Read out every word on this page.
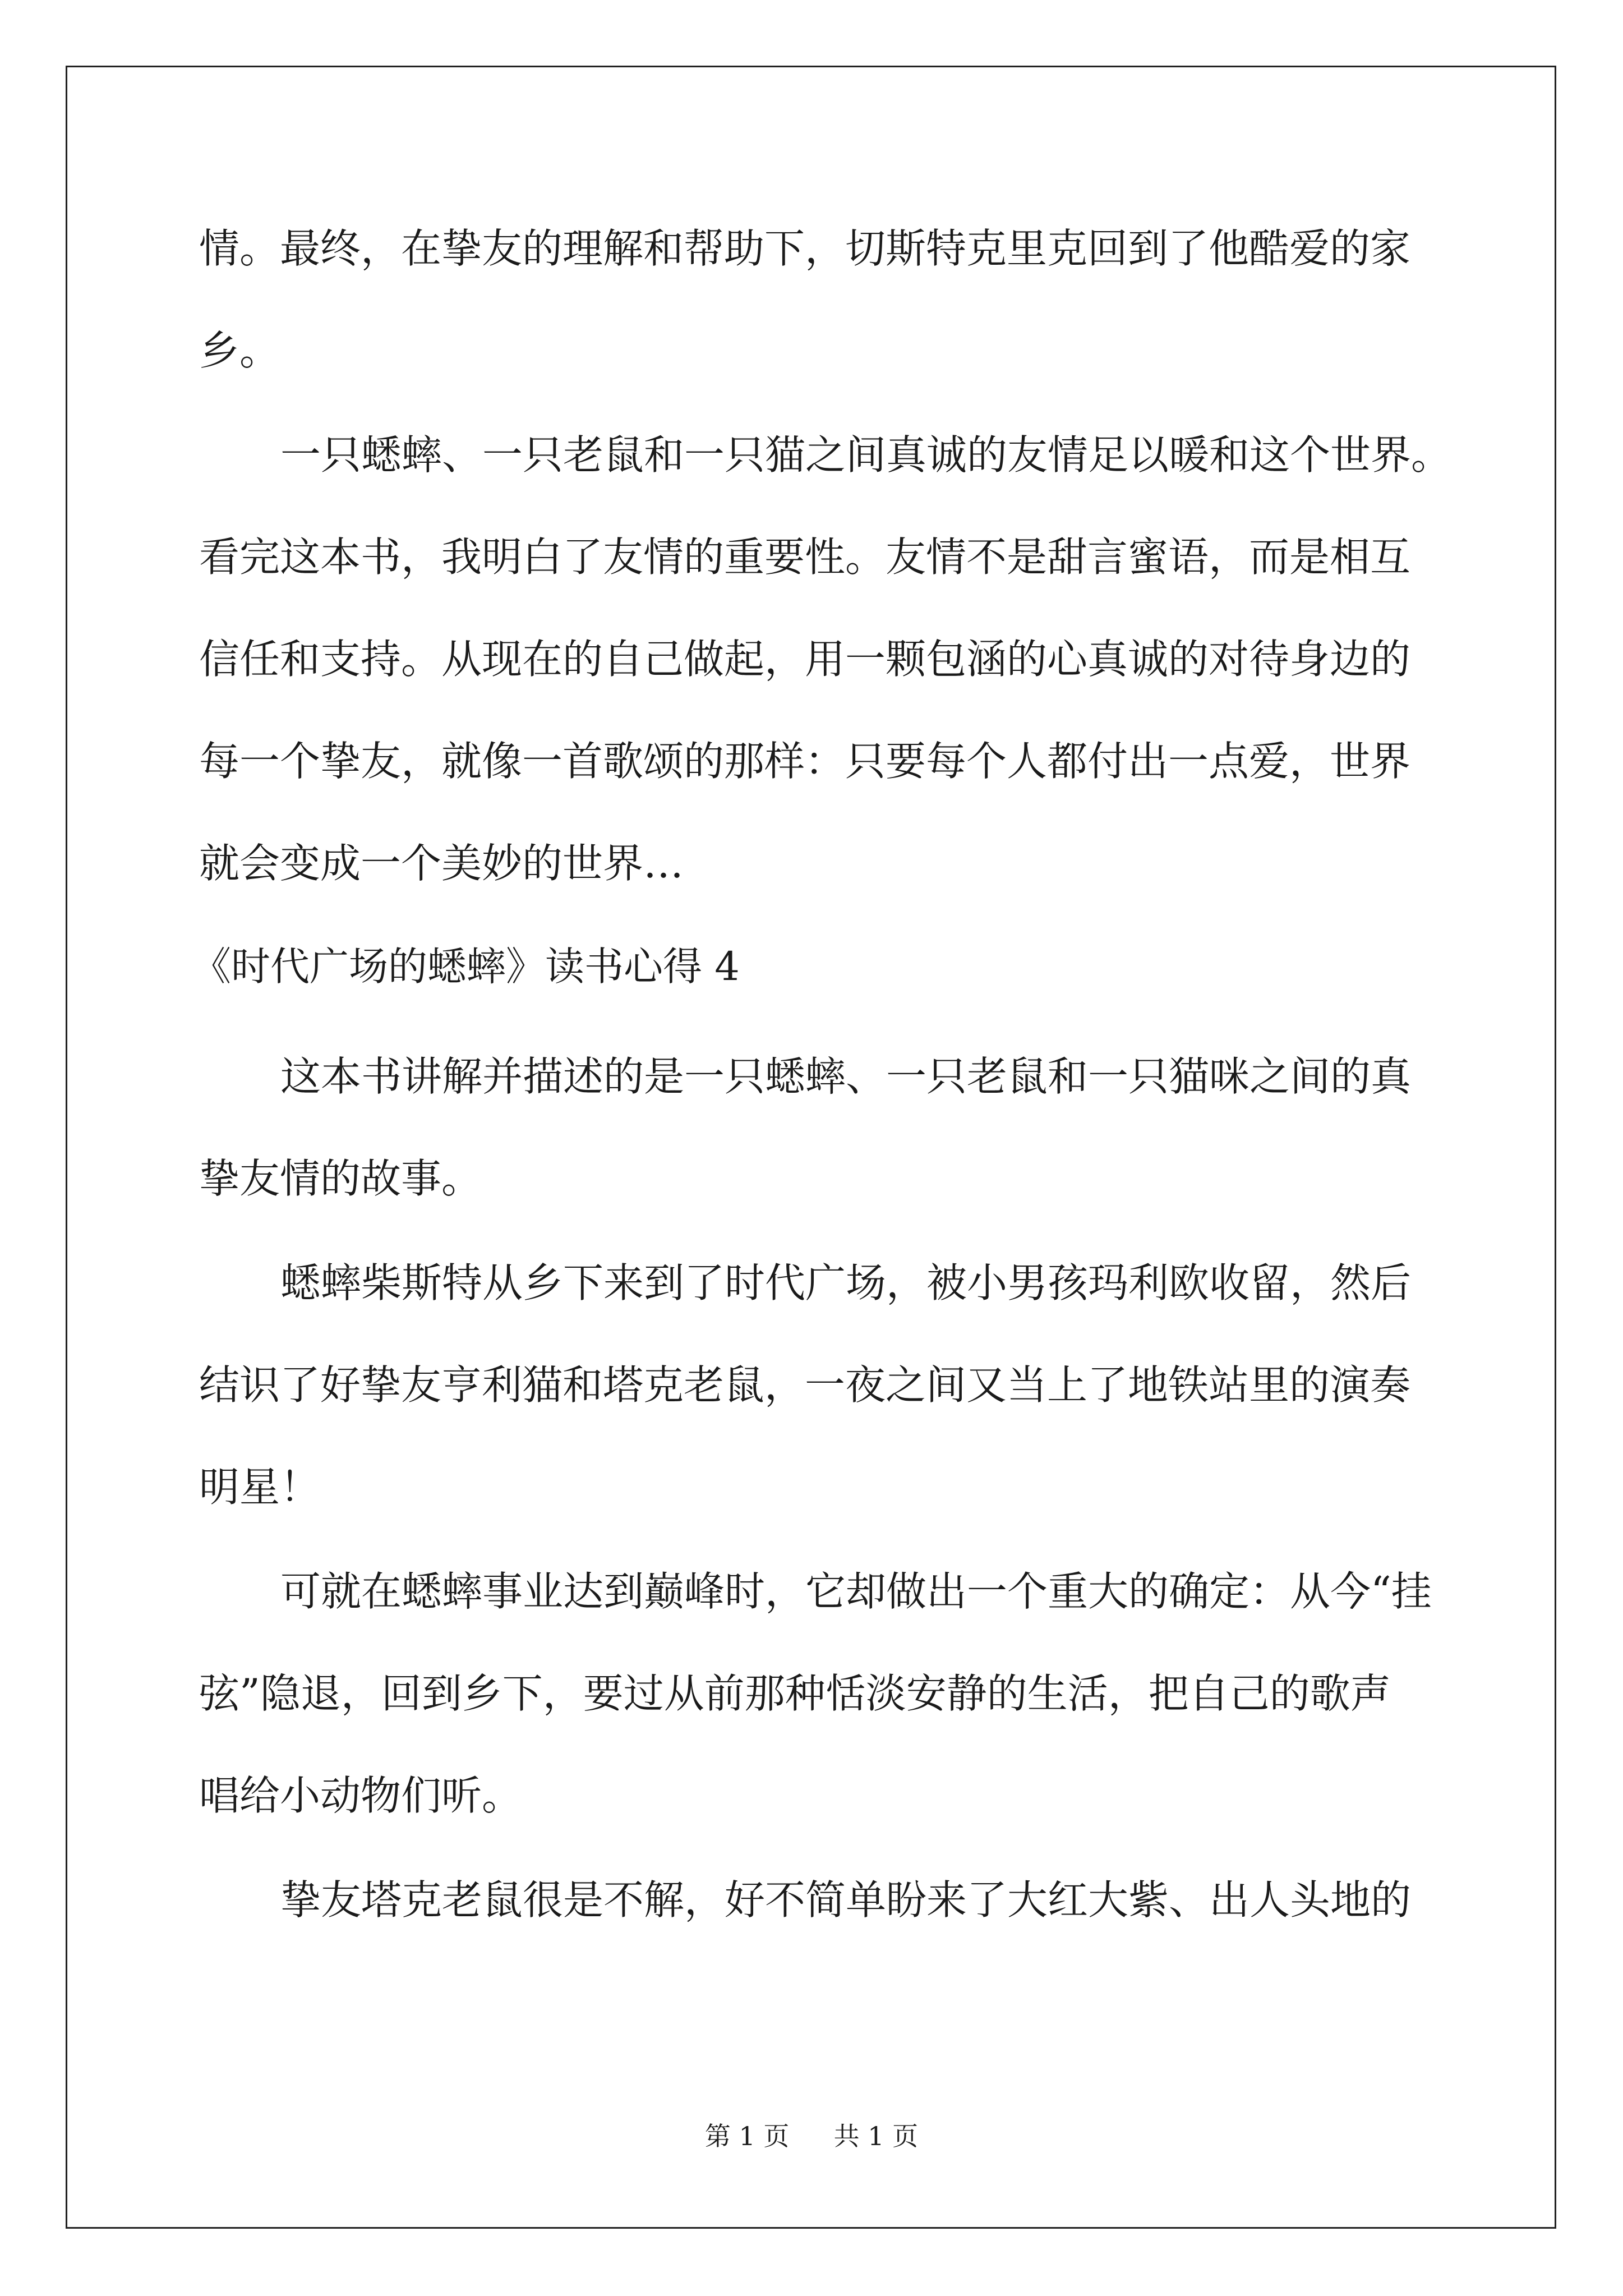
情。最终，在挚友的理解和帮助下，切斯特克里克回到了他酷爱的家
乡。
一只蟋蟀、一只老鼠和一只猫之间真诚的友情足以暖和这个世界。
看完这本书，我明白了友情的重要性。友情不是甜言蜜语，而是相互
信任和支持。从现在的自己做起，用一颗包涵的心真诚的对待身边的
每一个挚友，就像一首歌颂的那样：只要每个人都付出一点爱，世界
就会变成一个美妙的世界…
《时代广场的蟋蟀》读书心得 4
这本书讲解并描述的是一只蟋蟀、一只老鼠和一只猫咪之间的真
挚友情的故事。
蟋蟀柴斯特从乡下来到了时代广场，被小男孩玛利欧收留，然后
结识了好挚友亨利猫和塔克老鼠，一夜之间又当上了地铁站里的演奏
明星！
可就在蟋蟀事业达到巅峰时，它却做出一个重大的确定：从今“挂
弦”隐退，回到乡下，要过从前那种恬淡安静的生活，把自己的歌声
唱给小动物们听。
挚友塔克老鼠很是不解，好不简单盼来了大红大紫、出人头地的
第 1 页 共 1 页
